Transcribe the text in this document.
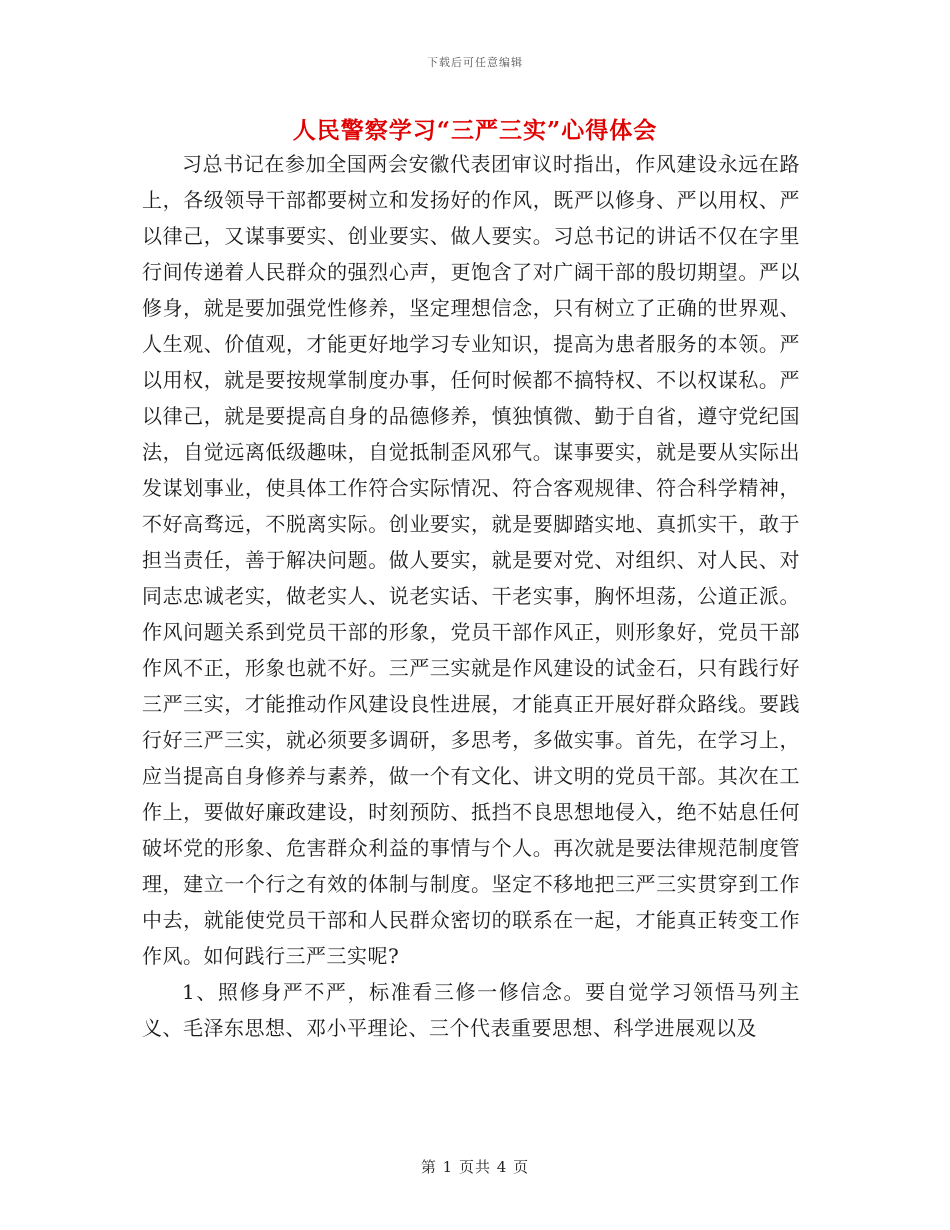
下载后可任意编辑
人民警察学习“三严三实”心得体会

习总书记在参加全国两会安徽代表团审议时指出，作风建设永远在路上，各级领导干部都要树立和发扬好的作风，既严以修身、严以用权、严以律己，又谋事要实、创业要实、做人要实。习总书记的讲话不仅在字里行间传递着人民群众的强烈心声，更饱含了对广阔干部的殷切期望。严以修身，就是要加强党性修养，坚定理想信念，只有树立了正确的世界观、人生观、价值观，才能更好地学习专业知识，提高为患者服务的本领。严以用权，就是要按规掌制度办事，任何时候都不搞特权、不以权谋私。严以律己，就是要提高自身的品德修养，慎独慎微、勤于自省，遵守党纪国法，自觉远离低级趣味，自觉抵制歪风邪气。谋事要实，就是要从实际出发谋划事业，使具体工作符合实际情况、符合客观规律、符合科学精神，不好高骛远，不脱离实际。创业要实，就是要脚踏实地、真抓实干，敢于担当责任，善于解决问题。做人要实，就是要对党、对组织、对人民、对同志忠诚老实，做老实人、说老实话、干老实事，胸怀坦荡，公道正派。作风问题关系到党员干部的形象，党员干部作风正，则形象好，党员干部作风不正，形象也就不好。三严三实就是作风建设的试金石，只有践行好三严三实，才能推动作风建设良性进展，才能真正开展好群众路线。要践行好三严三实，就必须要多调研，多思考，多做实事。首先，在学习上，应当提高自身修养与素养，做一个有文化、讲文明的党员干部。其次在工作上，要做好廉政建设，时刻预防、抵挡不良思想地侵入，绝不姑息任何破坏党的形象、危害群众利益的事情与个人。再次就是要法律规范制度管理，建立一个行之有效的体制与制度。坚定不移地把三严三实贯穿到工作中去，就能使党员干部和人民群众密切的联系在一起，才能真正转变工作作风。如何践行三严三实呢?

1、照修身严不严，标准看三修一修信念。要自觉学习领悟马列主义、毛泽东思想、邓小平理论、三个代表重要思想、科学进展观以及

第 1 页共 4 页
